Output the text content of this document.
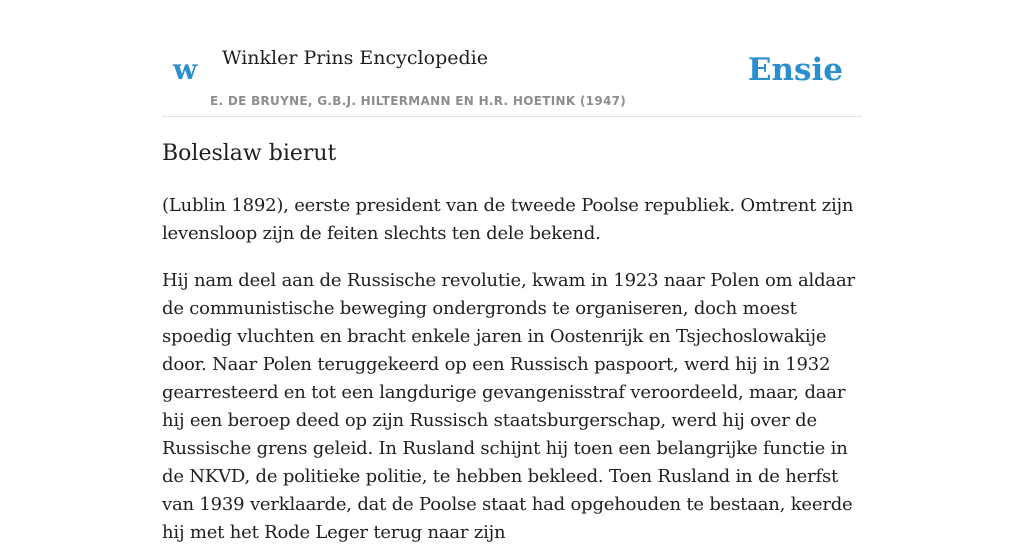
w Winkler Prins Encyclopedie
E. DE BRUYNE, G.B.J. HILTERMANN EN H.R. HOETINK (1947)
Ensie
Boleslaw bierut

(Lublin 1892), eerste president van de tweede Poolse republiek. Omtrent zijn levensloop zijn de feiten slechts ten dele bekend.

Hij nam deel aan de Russische revolutie, kwam in 1923 naar Polen om aldaar de communistische beweging ondergronds te organiseren, doch moest spoedig vluchten en bracht enkele jaren in Oostenrijk en Tsjechoslowakije door. Naar Polen teruggekeerd op een Russisch paspoort, werd hij in 1932 gearresteerd en tot een langdurige gevangenisstraf veroordeeld, maar, daar hij een beroep deed op zijn Russisch staatsburgerschap, werd hij over de Russische grens geleid. In Rusland schijnt hij toen een belangrijke functie in de NKVD, de politieke politie, te hebben bekleed. Toen Rusland in de herfst van 1939 verklaarde, dat de Poolse staat had opgehouden te bestaan, keerde hij met het Rode Leger terug naar zijn
